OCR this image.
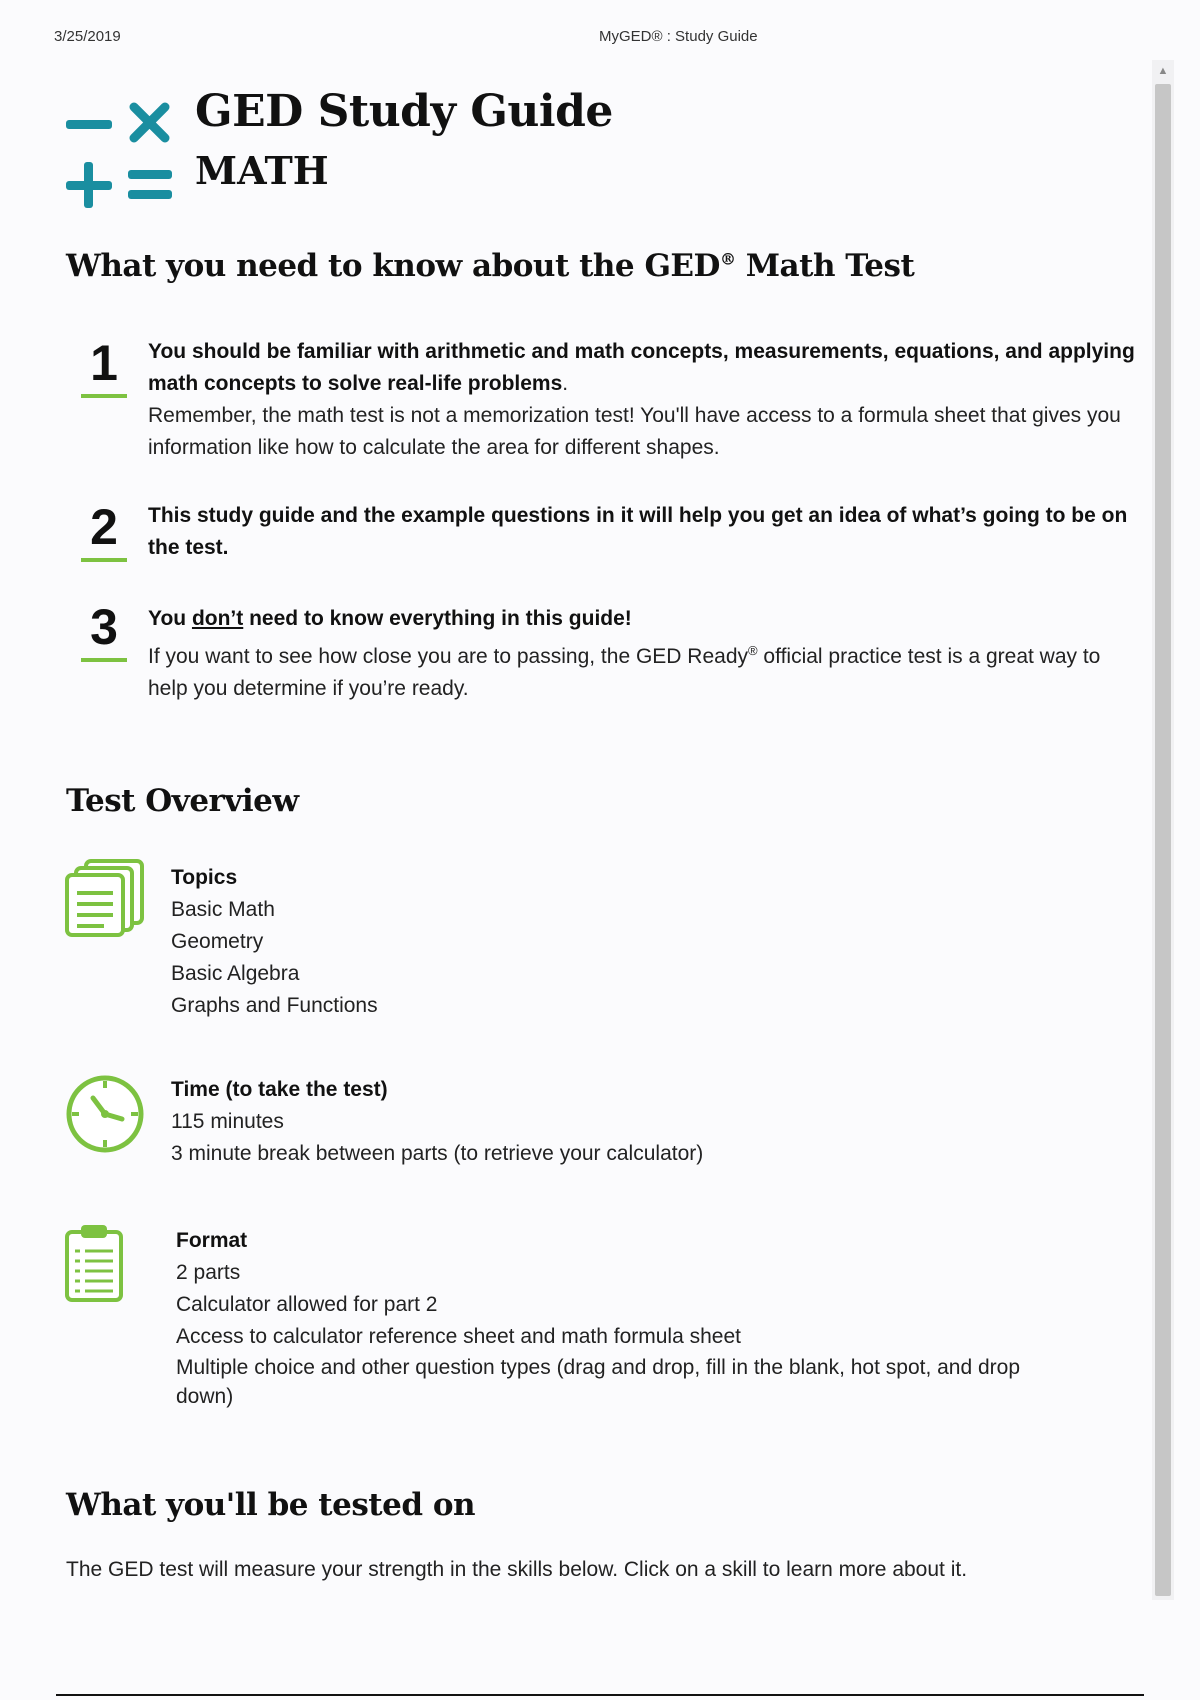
3/25/2019	MyGED® : Study Guide
▲
GED Study Guide
MATH
What you need to know about the GED® Math Test
1	You should be familiar with arithmetic and math concepts, measurements, equations, and applying math concepts to solve real-life problems.
Remember, the math test is not a memorization test! You'll have access to a formula sheet that gives you information like how to calculate the area for different shapes.
2	This study guide and the example questions in it will help you get an idea of what’s going to be on the test.
3	You don’t need to know everything in this guide!
If you want to see how close you are to passing, the GED Ready® official practice test is a great way to help you determine if you’re ready.
Test Overview
Topics
Basic Math
Geometry
Basic Algebra
Graphs and Functions
Time (to take the test)
115 minutes
3 minute break between parts (to retrieve your calculator)
Format
2 parts
Calculator allowed for part 2
Access to calculator reference sheet and math formula sheet
Multiple choice and other question types (drag and drop, fill in the blank, hot spot, and drop down)
What you'll be tested on
The GED test will measure your strength in the skills below. Click on a skill to learn more about it.
